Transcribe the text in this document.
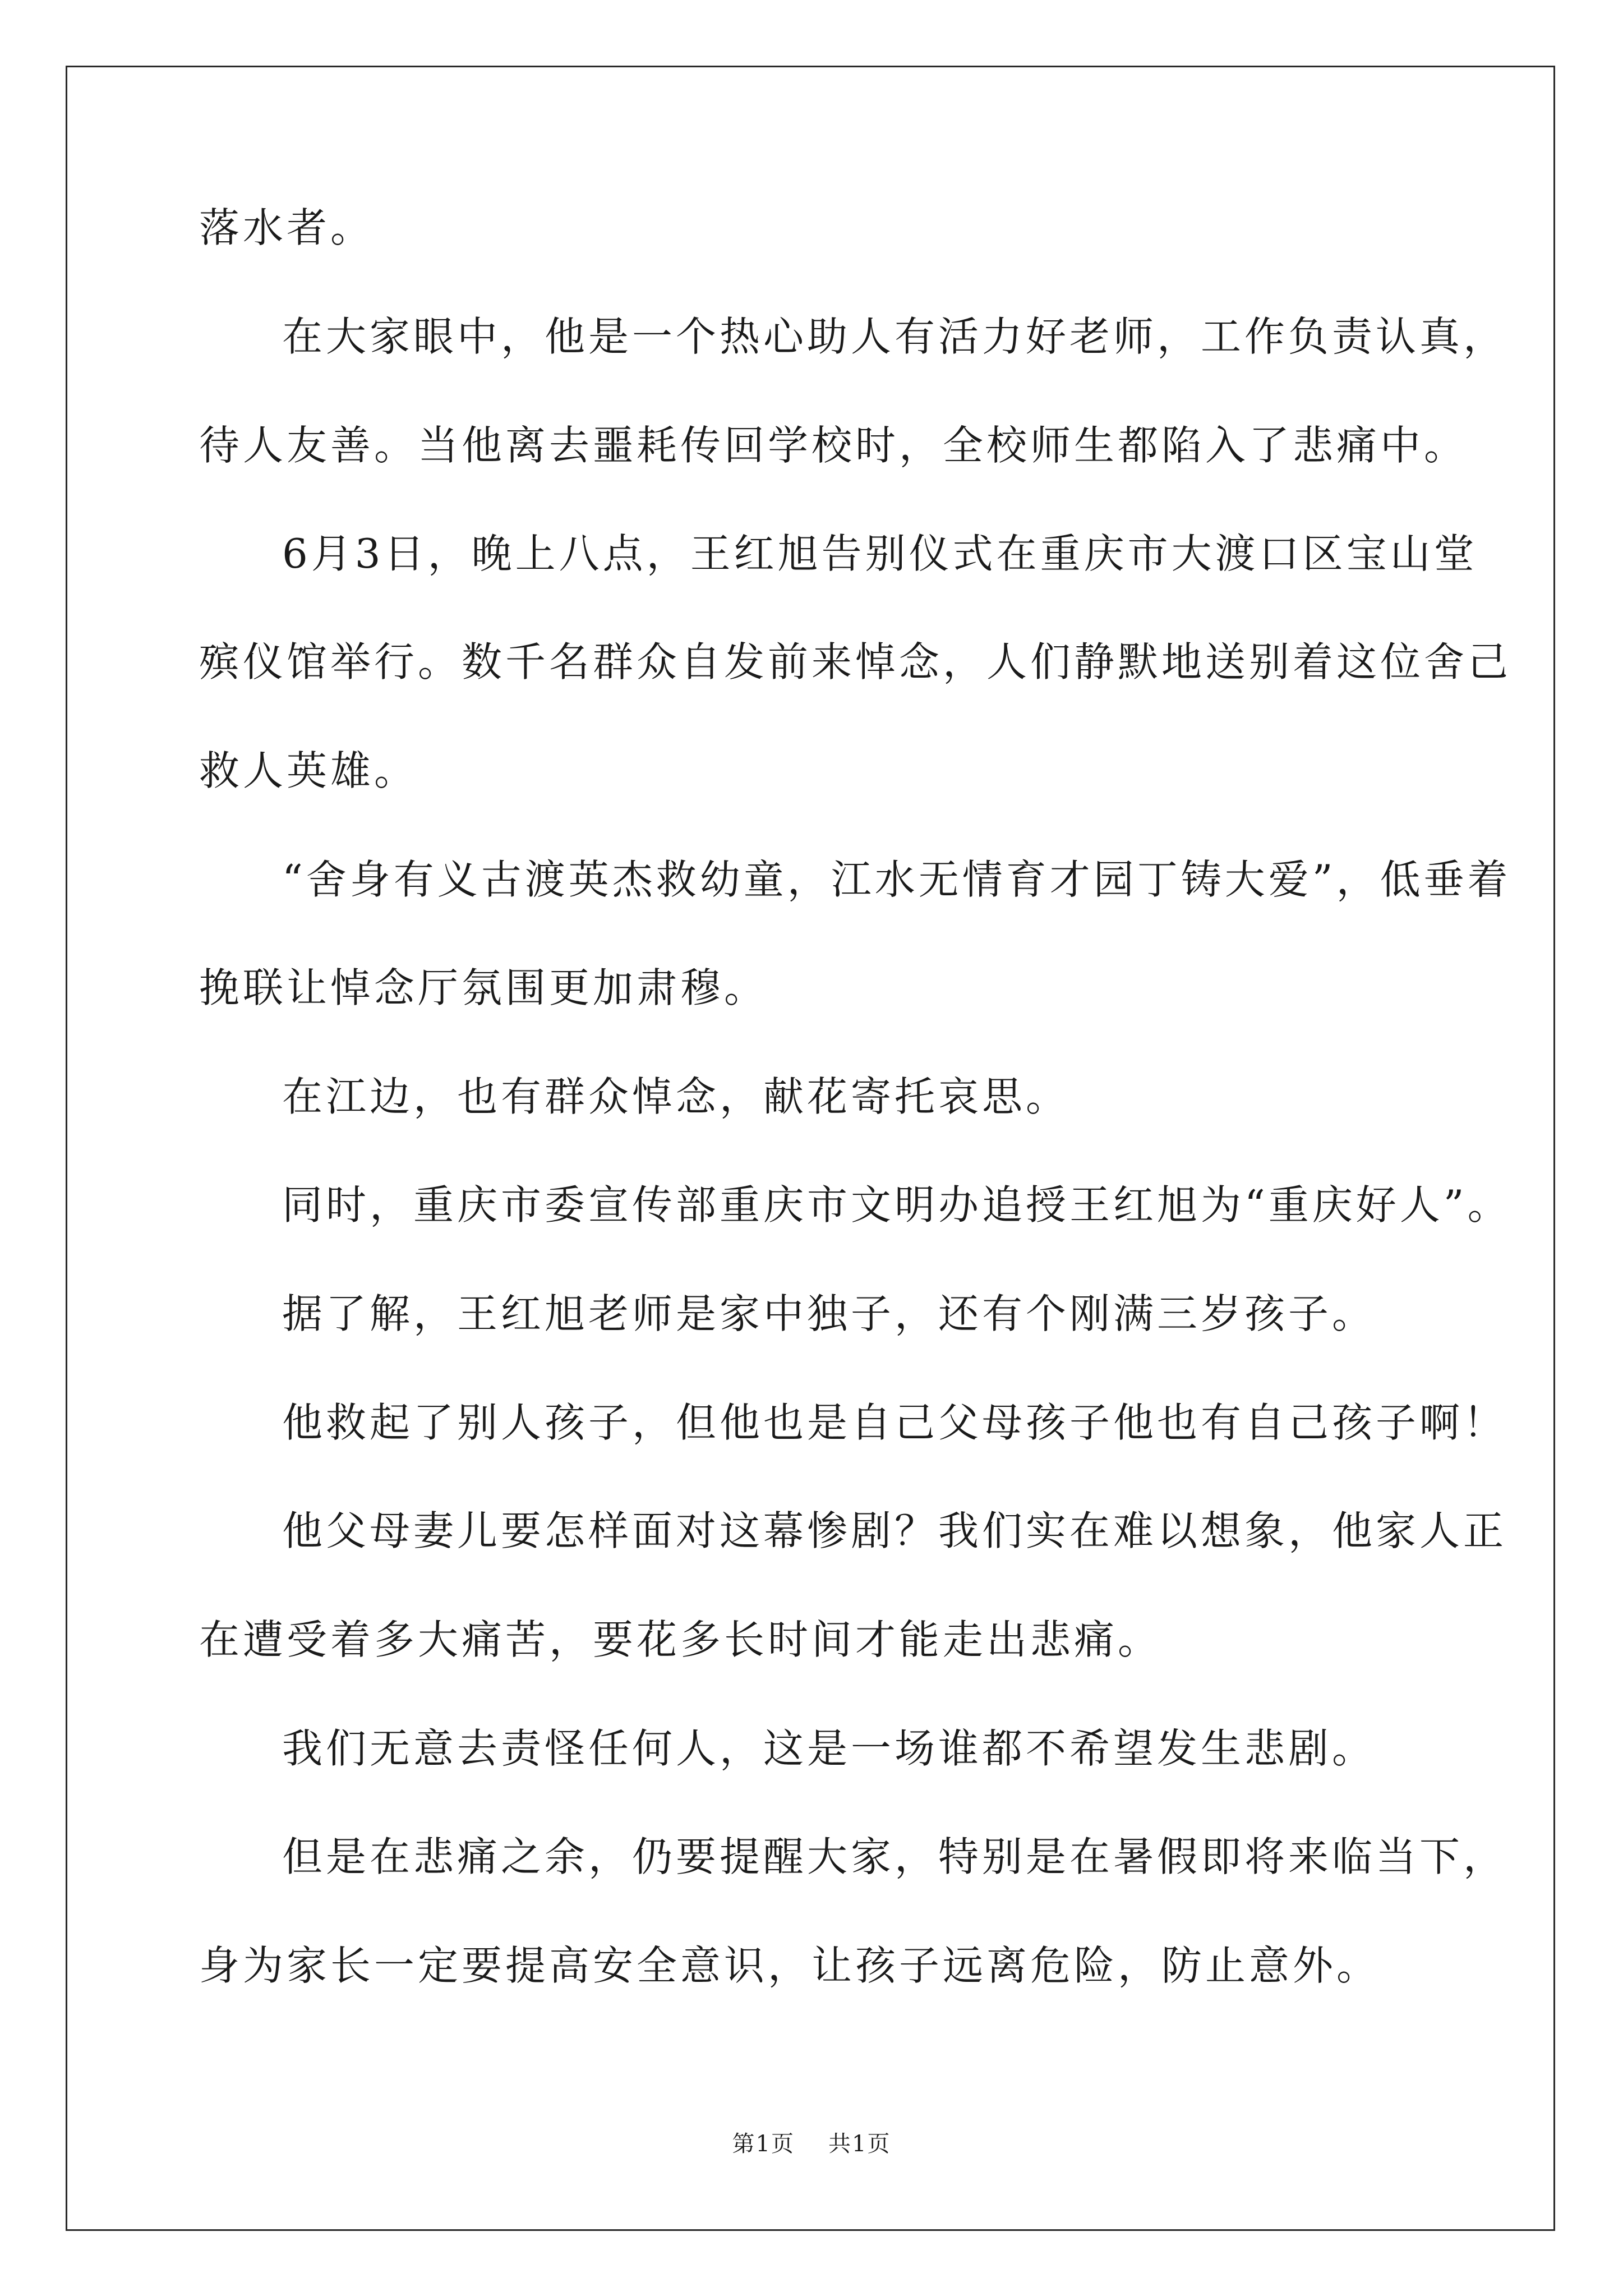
落水者。
在大家眼中，他是一个热心助人有活力好老师，工作负责认真，
待人友善。当他离去噩耗传回学校时，全校师生都陷入了悲痛中。
6月3日，晚上八点，王红旭告别仪式在重庆市大渡口区宝山堂
殡仪馆举行。数千名群众自发前来悼念，人们静默地送别着这位舍己
救人英雄。
“舍身有义古渡英杰救幼童，江水无情育才园丁铸大爱”，低垂着
挽联让悼念厅氛围更加肃穆。
在江边，也有群众悼念，献花寄托哀思。
同时，重庆市委宣传部重庆市文明办追授王红旭为“重庆好人”。
据了解，王红旭老师是家中独子，还有个刚满三岁孩子。
他救起了别人孩子，但他也是自己父母孩子他也有自己孩子啊！
他父母妻儿要怎样面对这幕惨剧？我们实在难以想象，他家人正
在遭受着多大痛苦，要花多长时间才能走出悲痛。
我们无意去责怪任何人，这是一场谁都不希望发生悲剧。
但是在悲痛之余，仍要提醒大家，特别是在暑假即将来临当下，
身为家长一定要提高安全意识，让孩子远离危险，防止意外。
第1页 共1页
